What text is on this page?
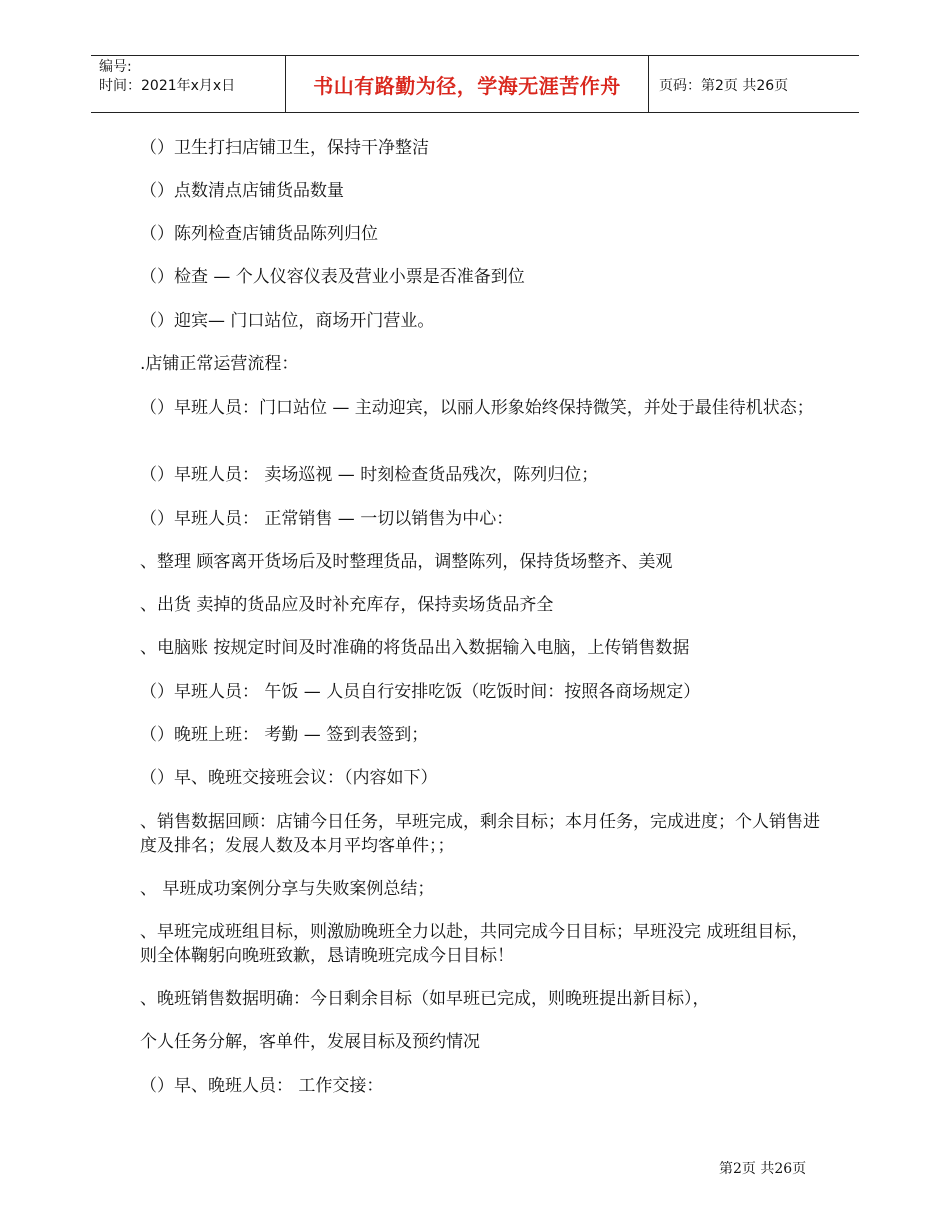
编号:
时间：2021年x月x日	书山有路勤为径，学海无涯苦作舟	页码：第2页 共26页
（）卫生打扫店铺卫生，保持干净整洁
（）点数清点店铺货品数量
（）陈列检查店铺货品陈列归位
（）检查 — 个人仪容仪表及营业小票是否准备到位
（）迎宾— 门口站位，商场开门营业。
.店铺正常运营流程：
（）早班人员：门口站位 — 主动迎宾，以丽人形象始终保持微笑，并处于最佳待机状态；
（）早班人员： 卖场巡视 — 时刻检查货品残次，陈列归位；
（）早班人员： 正常销售 — 一切以销售为中心：
、整理 顾客离开货场后及时整理货品，调整陈列，保持货场整齐、美观
、出货 卖掉的货品应及时补充库存，保持卖场货品齐全
、电脑账 按规定时间及时准确的将货品出入数据输入电脑，上传销售数据
（）早班人员： 午饭 — 人员自行安排吃饭（吃饭时间：按照各商场规定）
（）晚班上班： 考勤 — 签到表签到；
（）早、晚班交接班会议：（内容如下）
、销售数据回顾：店铺今日任务，早班完成，剩余目标；本月任务，完成进度；个人销售进度及排名；发展人数及本月平均客单件；；
、 早班成功案例分享与失败案例总结；
、早班完成班组目标，则激励晚班全力以赴，共同完成今日目标；早班没完 成班组目标，则全体鞠躬向晚班致歉，恳请晚班完成今日目标！
、晚班销售数据明确：今日剩余目标（如早班已完成，则晚班提出新目标），
个人任务分解，客单件，发展目标及预约情况
（）早、晚班人员： 工作交接：
第2页 共26页
